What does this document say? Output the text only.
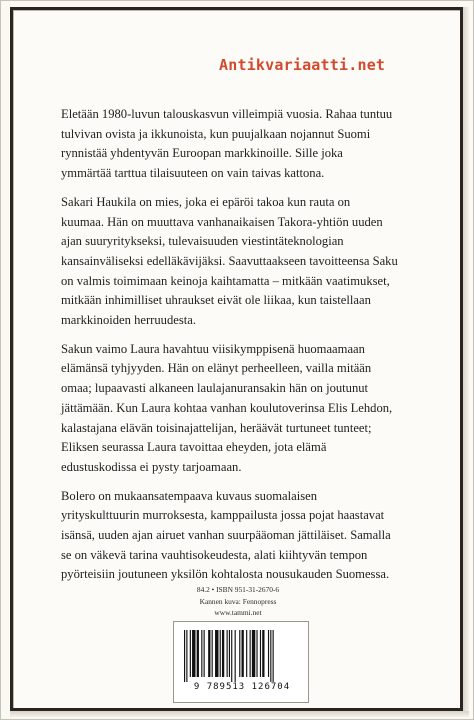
Antikvariaatti.net

Eletään 1980-luvun talouskasvun villeimpiä vuosia. Rahaa tuntuu
tulvivan ovista ja ikkunoista, kun puujalkaan nojannut Suomi
rynnistää yhdentyvän Euroopan markkinoille. Sille joka
ymmärtää tarttua tilaisuuteen on vain taivas kattona.

Sakari Haukila on mies, joka ei epäröi takoa kun rauta on
kuumaa. Hän on muuttava vanhanaikaisen Takora-yhtiön uuden
ajan suuryritykseksi, tulevaisuuden viestintäteknologian
kansainväliseksi edelläkävijäksi. Saavuttaakseen tavoitteensa Saku
on valmis toimimaan keinoja kaihtamatta – mitkään vaatimukset,
mitkään inhimilliset uhraukset eivät ole liikaa, kun taistellaan
markkinoiden herruudesta.

Sakun vaimo Laura havahtuu viisikymppisenä huomaamaan
elämänsä tyhjyyden. Hän on elänyt perheelleen, vailla mitään
omaa; lupaavasti alkaneen laulajanuransakin hän on joutunut
jättämään. Kun Laura kohtaa vanhan koulutoverinsa Elis Lehdon,
kalastajana elävän toisinajattelijan, heräävät turtuneet tunteet;
Eliksen seurassa Laura tavoittaa eheyden, jota elämä
edustuskodissa ei pysty tarjoamaan.

Bolero on mukaansatempaava kuvaus suomalaisen
yrityskulttuurin murroksesta, kamppailusta jossa pojat haastavat
isänsä, uuden ajan airuet vanhan suurpääoman jättiläiset. Samalla
se on väkevä tarina vauhtisokeudesta, alati kiihtyvän tempon
pyörteisiin joutuneen yksilön kohtalosta nousukauden Suomessa.

84.2 • ISBN 951-31-2670-6
Kannen kuva: Fennopress
www.tammi.net
9 789513 126704
